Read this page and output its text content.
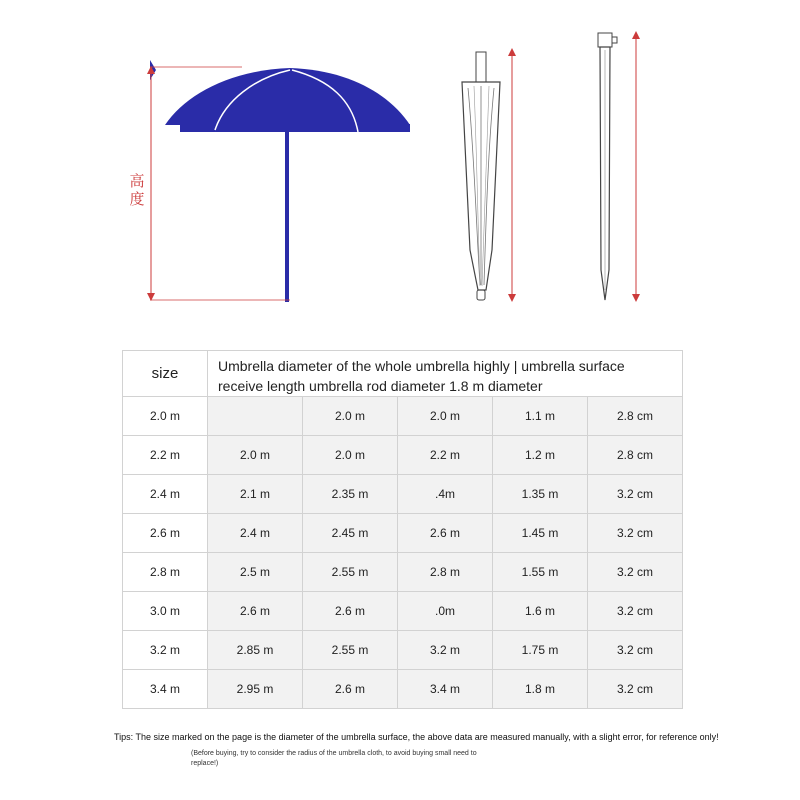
高度
size	Umbrella diameter of the whole umbrella highly | umbrella surface
receive length umbrella rod diameter 1.8 m diameter				

2.0 m		2.0 m	2.0 m	1.1 m	2.8 cm
2.2 m	2.0 m	2.0 m	2.2 m	1.2 m	2.8 cm
2.4 m	2.1 m	2.35 m	.4m	1.35 m	3.2 cm
2.6 m	2.4 m	2.45 m	2.6 m	1.45 m	3.2 cm
2.8 m	2.5 m	2.55 m	2.8 m	1.55 m	3.2 cm
3.0 m	2.6 m	2.6 m	.0m	1.6 m	3.2 cm
3.2 m	2.85 m	2.55 m	3.2 m	1.75 m	3.2 cm
3.4 m	2.95 m	2.6 m	3.4 m	1.8 m	3.2 cm
Tips: The size marked on the page is the diameter of the umbrella surface, the above data are measured manually, with a slight error, for reference only!
(Before buying, try to consider the radius of the umbrella cloth, to avoid buying small need to
replace!)
